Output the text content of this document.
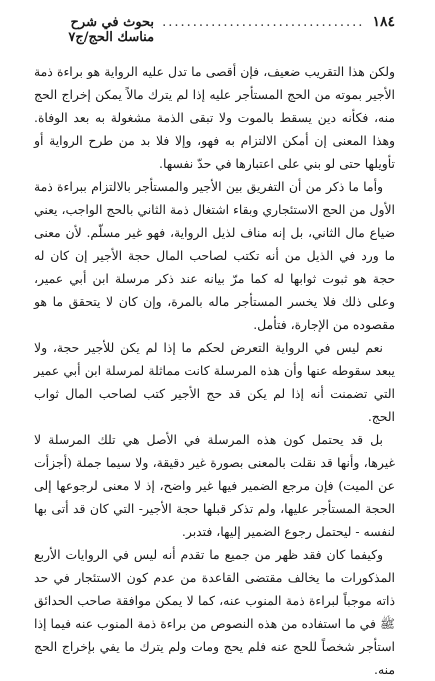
١٨٤
.................................
بحوث في شرح مناسك الحج/ج٧

ولكن هذا التقريب ضعيف، فإن أقصى ما تدل عليه الرواية هو براءة ذمة الأجير بموته من الحج المستأجر عليه إذا لم يترك مالاً يمكن إخراج الحج منه، فكأنه دين يسقط بالموت ولا تبقى الذمة مشغولة به بعد الوفاة. وهذا المعنى إن أمكن الالتزام به فهو، وإلا فلا بد من طرح الرواية أو تأويلها حتى لو بني على اعتبارها في حدّ نفسها.

وأما ما ذكر من أن التفريق بين الأجير والمستأجر بالالتزام ببراءة ذمة الأول من الحج الاستئجاري وبقاء اشتغال ذمة الثاني بالحج الواجب، يعني ضياع مال الثاني، بل إنه مناف لذيل الرواية، فهو غير مسلّم. لأن معنى ما ورد في الذيل من أنه تكتب لصاحب المال حجة الأجير إن كان له حجة هو ثبوت ثوابها له كما مرّ بيانه عند ذكر مرسلة ابن أبي عمير، وعلى ذلك فلا يخسر المستأجر ماله بالمرة، وإن كان لا يتحقق ما هو مقصوده من الإجارة، فتأمل.

نعم ليس في الرواية التعرض لحكم ما إذا لم يكن للأجير حجة، ولا يبعد سقوطه عنها وأن هذه المرسلة كانت مماثلة لمرسلة ابن أبي عمير التي تضمنت أنه إذا لم يكن قد حج الأجير كتب لصاحب المال ثواب الحج.

بل قد يحتمل كون هذه المرسلة في الأصل هي تلك المرسلة لا غيرها، وأنها قد نقلت بالمعنى بصورة غير دقيقة، ولا سيما جملة (أجزأت عن الميت) فإن مرجع الضمير فيها غير واضح، إذ لا معنى لرجوعها إلى الحجة المستأجر عليها، ولم تذكر قبلها حجة الأجير- التي كان قد أتى بها لنفسه - ليحتمل رجوع الضمير إليها، فتدبر.

وكيفما كان فقد ظهر من جميع ما تقدم أنه ليس في الروايات الأربع المذكورات ما يخالف مقتضى القاعدة من عدم كون الاستئجار في حد ذاته موجباً لبراءة ذمة المنوب عنه، كما لا يمكن موافقة صاحب الحدائق ﷺ في ما استفاده من هذه النصوص من براءة ذمة المنوب عنه فيما إذا استأجر شخصاً للحج عنه فلم يحج ومات ولم يترك ما يفي بإخراج الحج منه.
